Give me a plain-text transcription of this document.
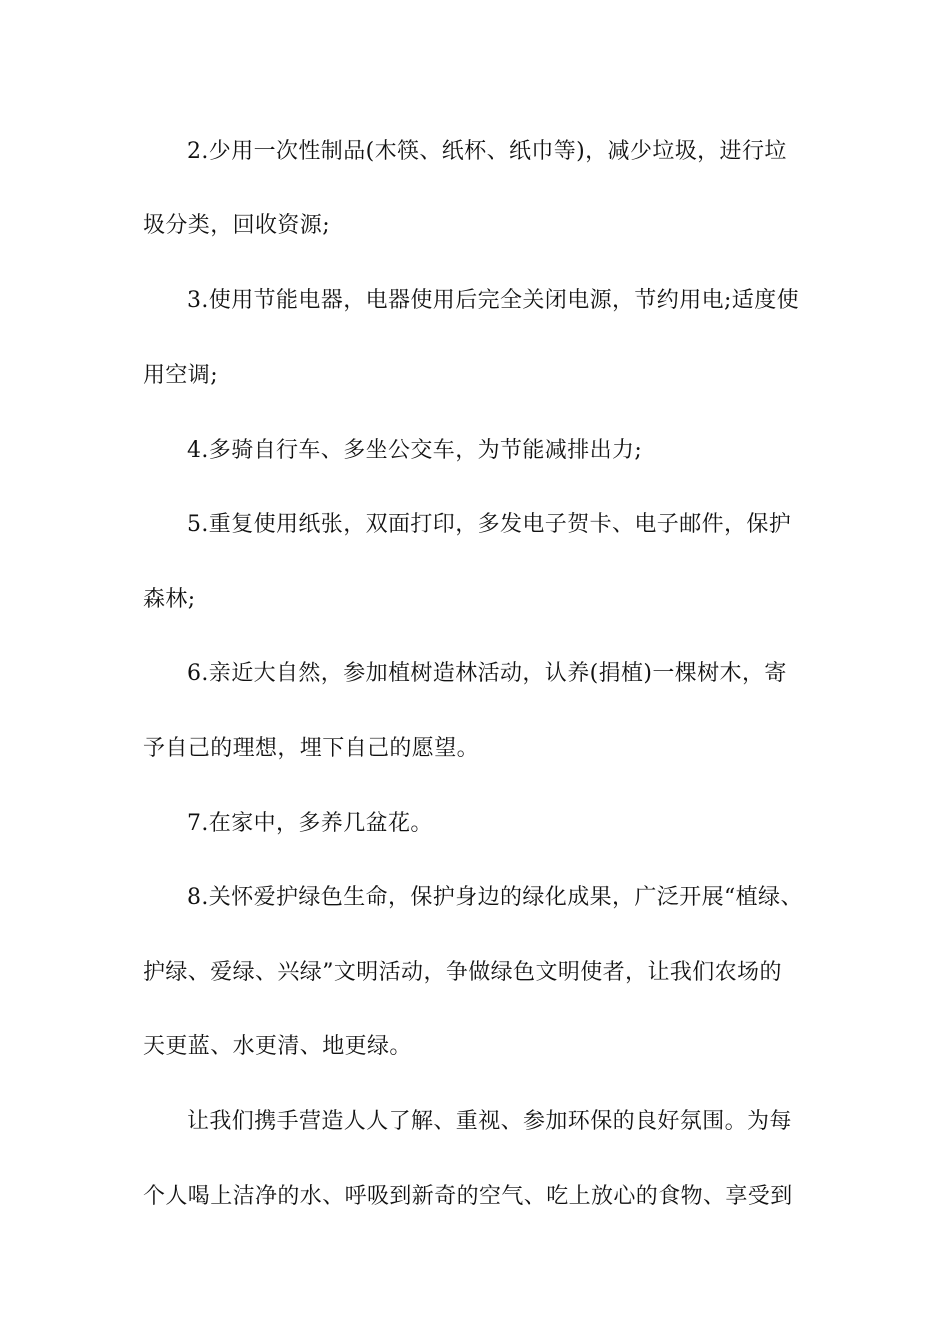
2.少用一次性制品(木筷、纸杯、纸巾等)，减少垃圾，进行垃
圾分类，回收资源;
3.使用节能电器，电器使用后完全关闭电源，节约用电;适度使
用空调;
4.多骑自行车、多坐公交车，为节能减排出力;
5.重复使用纸张，双面打印，多发电子贺卡、电子邮件，保护
森林;
6.亲近大自然，参加植树造林活动，认养(捐植)一棵树木，寄
予自己的理想，埋下自己的愿望。
7.在家中，多养几盆花。
8.关怀爱护绿色生命，保护身边的绿化成果，广泛开展“植绿、
护绿、爱绿、兴绿”文明活动，争做绿色文明使者，让我们农场的
天更蓝、水更清、地更绿。
让我们携手营造人人了解、重视、参加环保的良好氛围。为每
个人喝上洁净的水、呼吸到新奇的空气、吃上放心的食物、享受到
